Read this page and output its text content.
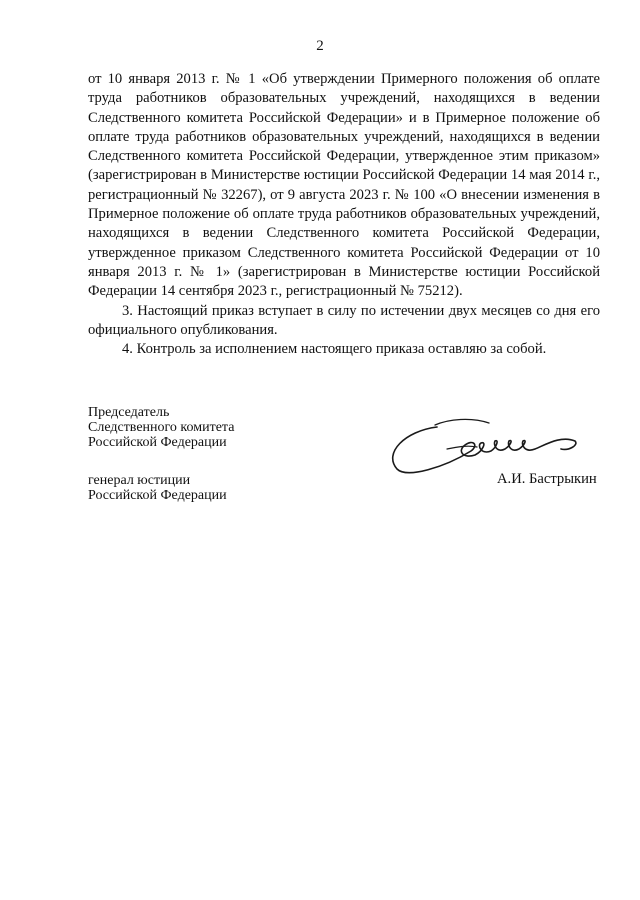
2

от 10 января 2013 г. № 1 «Об утверждении Примерного положения об оплате труда работников образовательных учреждений, находящихся в ведении Следственного комитета Российской Федерации» и в Примерное положение об оплате труда работников образовательных учреждений, находящихся в ведении Следственного комитета Российской Федерации, утвержденное этим приказом» (зарегистрирован в Министерстве юстиции Российской Федерации 14 мая 2014 г., регистрационный № 32267), от 9 августа 2023 г. № 100 «О внесении изменения в Примерное положение об оплате труда работников образовательных учреждений, находящихся в ведении Следственного комитета Российской Федерации, утвержденное приказом Следственного комитета Российской Федерации от 10 января 2013 г. № 1» (зарегистрирован в Министерстве юстиции Российской Федерации 14 сентября 2023 г., регистрационный № 75212).

3. Настоящий приказ вступает в силу по истечении двух месяцев со дня его официального опубликования.

4. Контроль за исполнением настоящего приказа оставляю за собой.

Председатель
Следственного комитета
Российской Федерации
генерал юстиции
Российской Федерации
А.И. Бастрыкин
